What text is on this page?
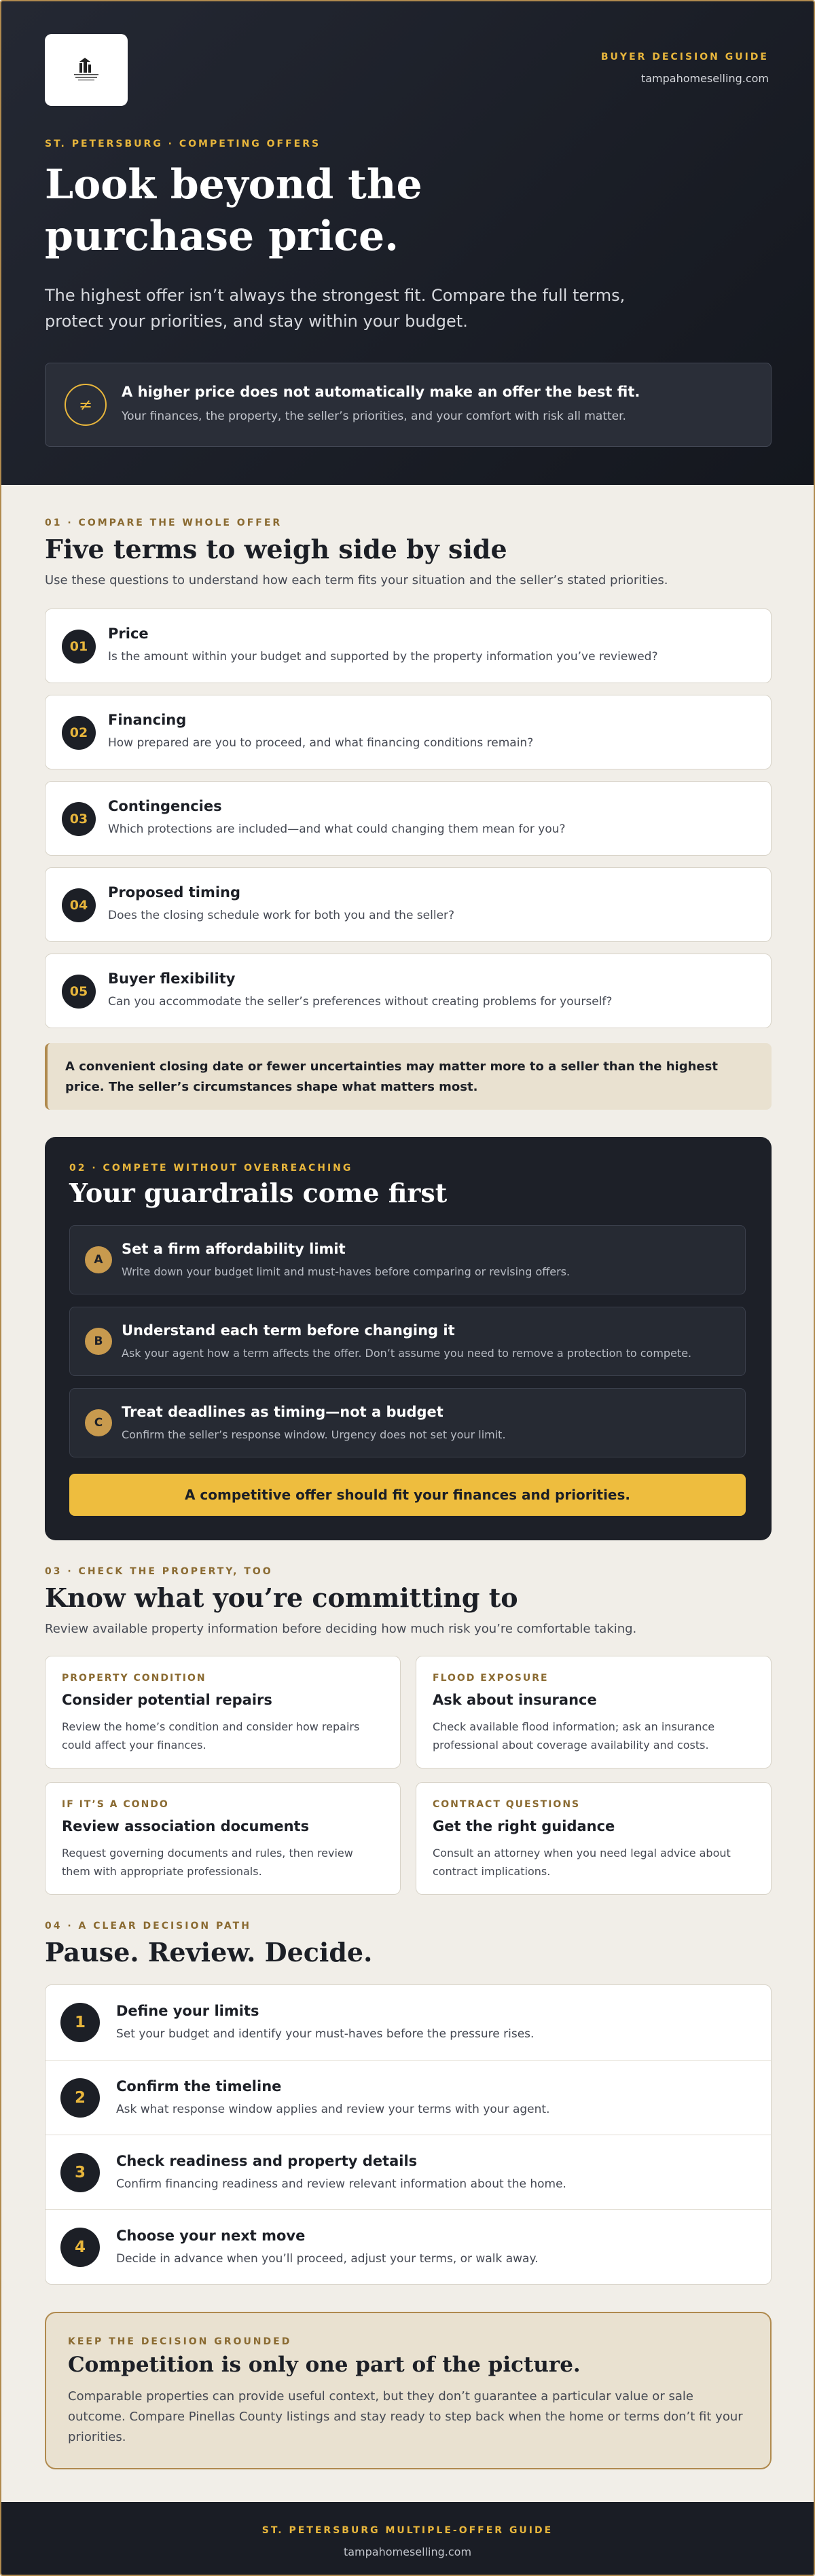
BUYER DECISION GUIDE
tampahomeselling.com
ST. PETERSBURG · COMPETING OFFERS
Look beyond the purchase price.

The highest offer isn’t always the strongest fit. Compare the full terms, protect your priorities, and stay within your budget.

≠
A higher price does not automatically make an offer the best fit.
Your finances, the property, the seller’s priorities, and your comfort with risk all matter.
01 · COMPARE THE WHOLE OFFER
Five terms to weigh side by side

Use these questions to understand how each term fits your situation and the seller’s stated priorities.

01
Price
Is the amount within your budget and supported by the property information you’ve reviewed?
02
Financing
How prepared are you to proceed, and what financing conditions remain?
03
Contingencies
Which protections are included—and what could changing them mean for you?
04
Proposed timing
Does the closing schedule work for both you and the seller?
05
Buyer flexibility
Can you accommodate the seller’s preferences without creating problems for yourself?
A convenient closing date or fewer uncertainties may matter more to a seller than the highest price. The seller’s circumstances shape what matters most.
02 · COMPETE WITHOUT OVERREACHING
Your guardrails come first
A
Set a firm affordability limit
Write down your budget limit and must-haves before comparing or revising offers.
B
Understand each term before changing it
Ask your agent how a term affects the offer. Don’t assume you need to remove a protection to compete.
C
Treat deadlines as timing—not a budget
Confirm the seller’s response window. Urgency does not set your limit.
A competitive offer should fit your finances and priorities.
03 · CHECK THE PROPERTY, TOO
Know what you’re committing to

Review available property information before deciding how much risk you’re comfortable taking.

PROPERTY CONDITION
Consider potential repairs
Review the home’s condition and consider how repairs could affect your finances.
FLOOD EXPOSURE
Ask about insurance
Check available flood information; ask an insurance professional about coverage availability and costs.
IF IT’S A CONDO
Review association documents
Request governing documents and rules, then review them with appropriate professionals.
CONTRACT QUESTIONS
Get the right guidance
Consult an attorney when you need legal advice about contract implications.
04 · A CLEAR DECISION PATH
Pause. Review. Decide.
1
Define your limits
Set your budget and identify your must-haves before the pressure rises.
2
Confirm the timeline
Ask what response window applies and review your terms with your agent.
3
Check readiness and property details
Confirm financing readiness and review relevant information about the home.
4
Choose your next move
Decide in advance when you’ll proceed, adjust your terms, or walk away.
KEEP THE DECISION GROUNDED
Competition is only one part of the picture.
Comparable properties can provide useful context, but they don’t guarantee a particular value or sale outcome. Compare Pinellas County listings and stay ready to step back when the home or terms don’t fit your priorities.
ST. PETERSBURG MULTIPLE-OFFER GUIDE
tampahomeselling.com
